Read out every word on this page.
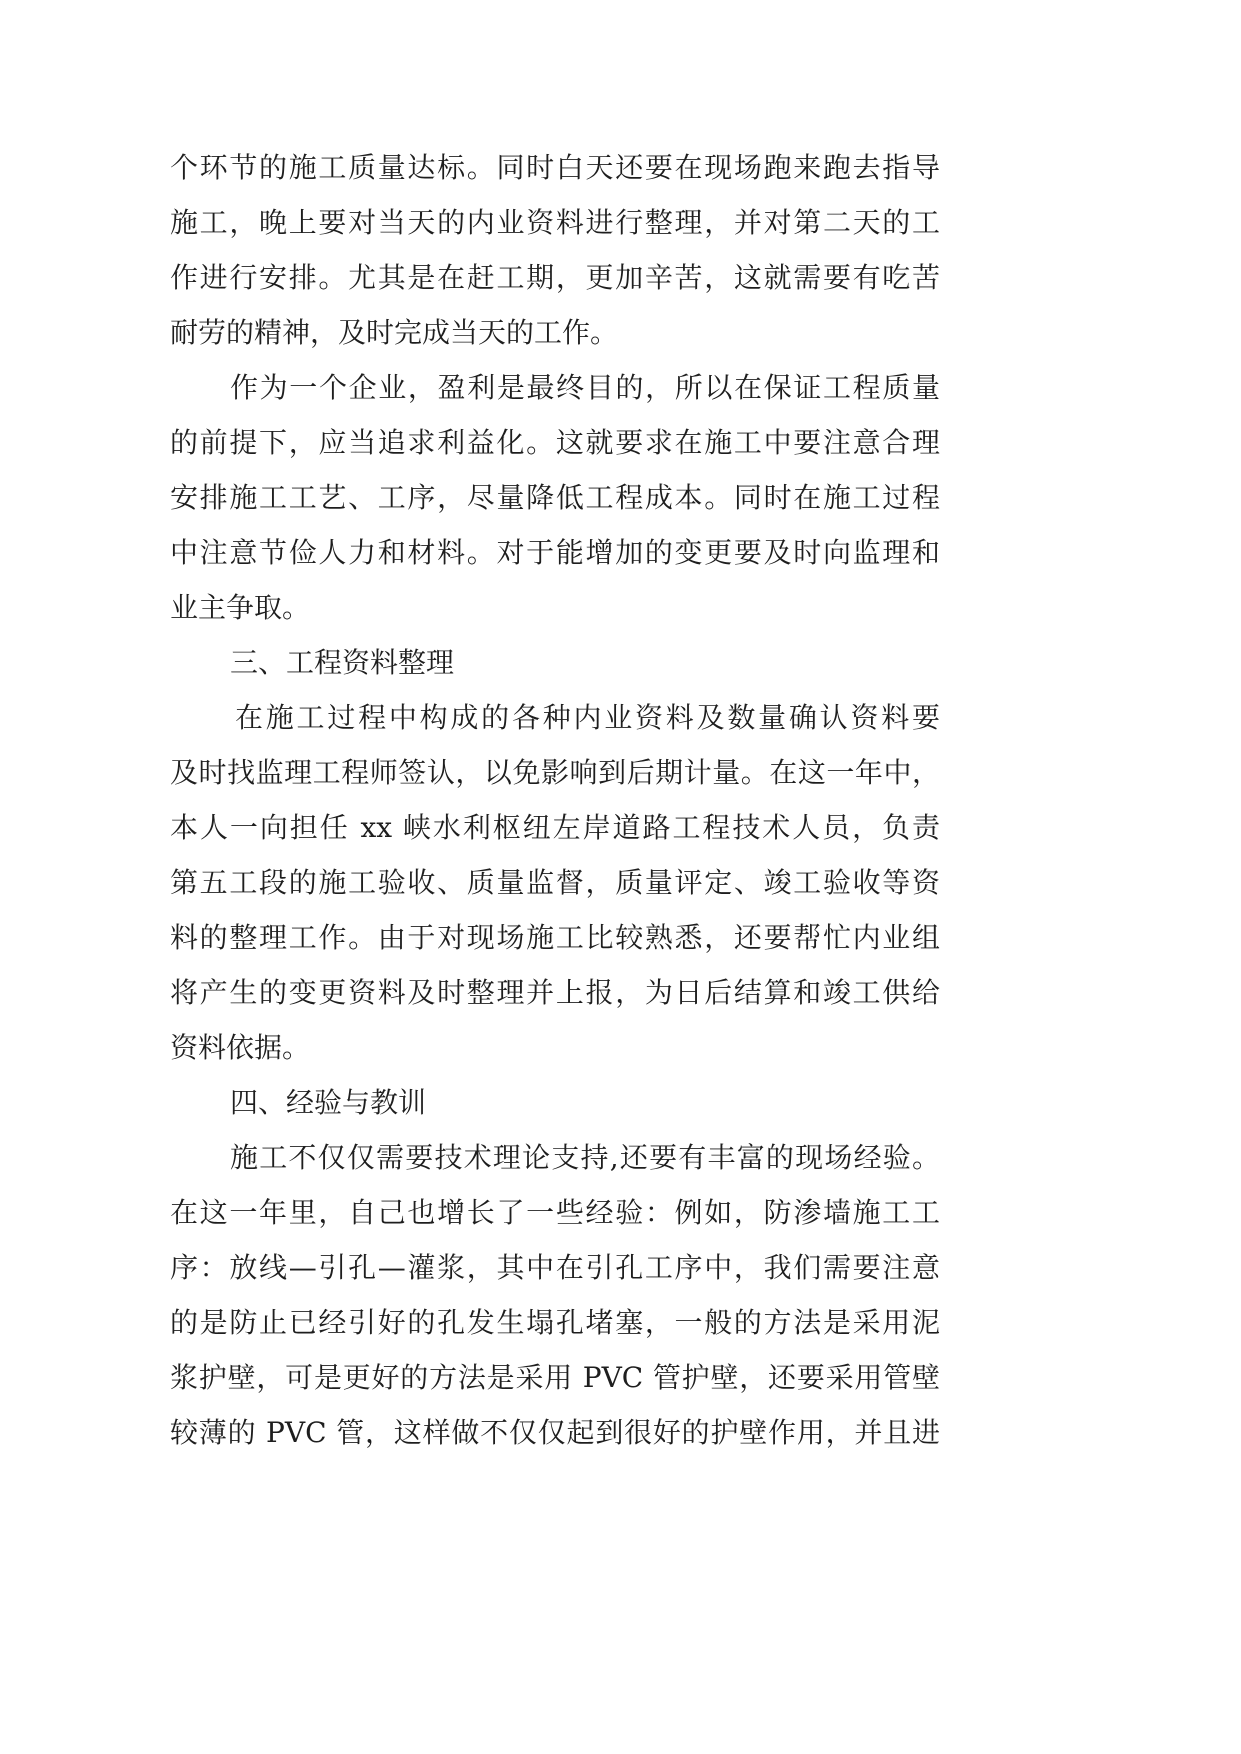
个环节的施工质量达标。同时白天还要在现场跑来跑去指导
施工，晚上要对当天的内业资料进行整理，并对第二天的工
作进行安排。尤其是在赶工期，更加辛苦，这就需要有吃苦
耐劳的精神，及时完成当天的工作。
作为一个企业，盈利是最终目的，所以在保证工程质量
的前提下，应当追求利益化。这就要求在施工中要注意合理
安排施工工艺、工序，尽量降低工程成本。同时在施工过程
中注意节俭人力和材料。对于能增加的变更要及时向监理和
业主争取。
三、工程资料整理
在施工过程中构成的各种内业资料及数量确认资料要
及时找监理工程师签认，以免影响到后期计量。在这一年中，
本人一向担任 xx 峡水利枢纽左岸道路工程技术人员，负责
第五工段的施工验收、质量监督，质量评定、竣工验收等资
料的整理工作。由于对现场施工比较熟悉，还要帮忙内业组
将产生的变更资料及时整理并上报，为日后结算和竣工供给
资料依据。
四、经验与教训
施工不仅仅需要技术理论支持,还要有丰富的现场经验。
在这一年里，自己也增长了一些经验：例如，防渗墙施工工
序：放线—引孔—灌浆，其中在引孔工序中，我们需要注意
的是防止已经引好的孔发生塌孔堵塞，一般的方法是采用泥
浆护壁，可是更好的方法是采用 PVC 管护壁，还要采用管壁
较薄的 PVC 管，这样做不仅仅起到很好的护壁作用，并且进
